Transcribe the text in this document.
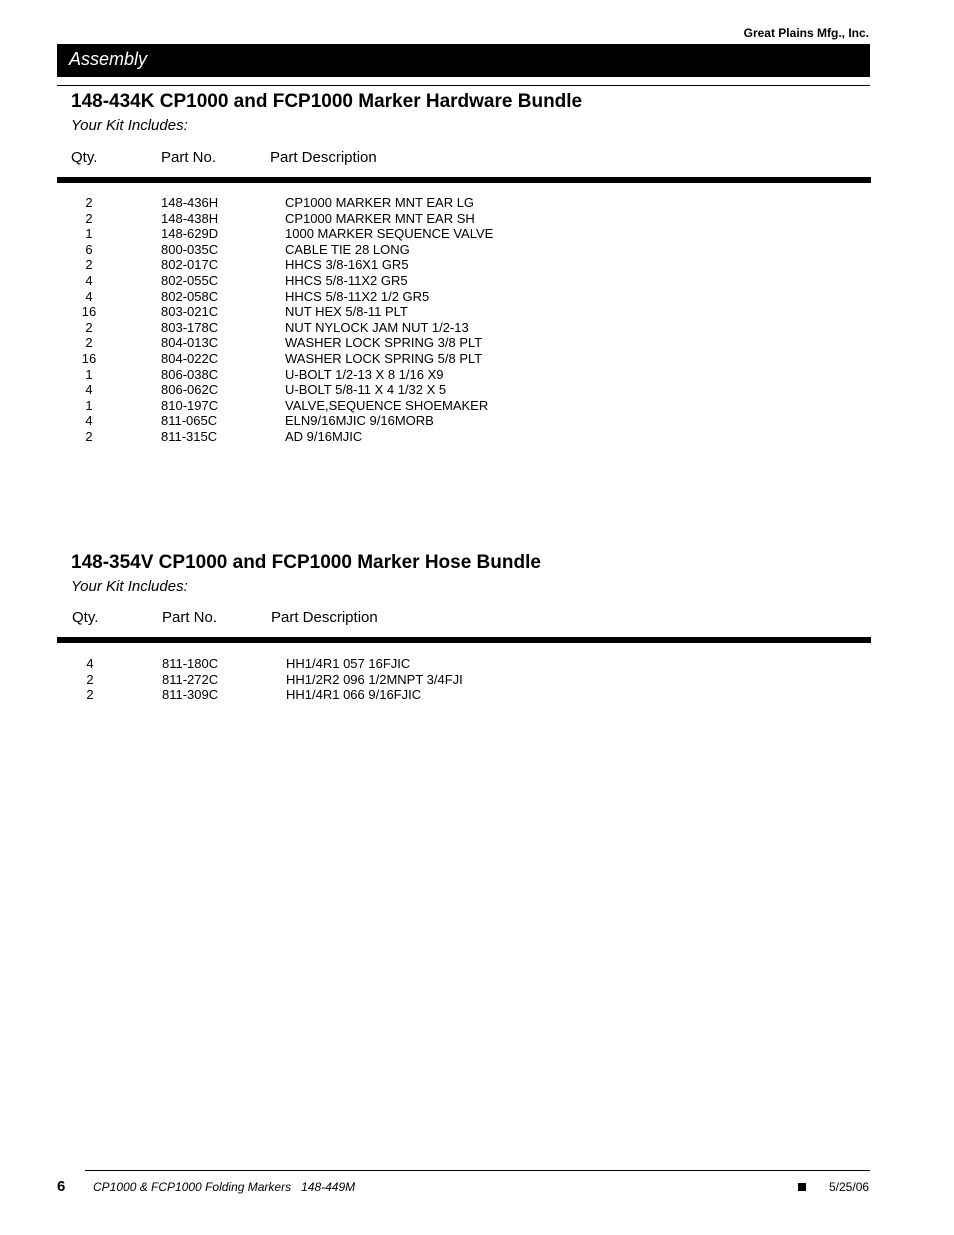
Great Plains Mfg., Inc.
Assembly
148-434K CP1000 and FCP1000 Marker Hardware Bundle
Your Kit Includes:
Qty.	Part No.	Part Description
2	148-436H	CP1000 MARKER MNT EAR LG
2	148-438H	CP1000 MARKER MNT EAR SH
1	148-629D	1000 MARKER SEQUENCE VALVE
6	800-035C	CABLE TIE 28 LONG
2	802-017C	HHCS 3/8-16X1 GR5
4	802-055C	HHCS 5/8-11X2 GR5
4	802-058C	HHCS 5/8-11X2 1/2 GR5
16	803-021C	NUT HEX 5/8-11 PLT
2	803-178C	NUT NYLOCK JAM NUT 1/2-13
2	804-013C	WASHER LOCK SPRING 3/8 PLT
16	804-022C	WASHER LOCK SPRING 5/8 PLT
1	806-038C	U-BOLT 1/2-13 X 8 1/16 X9
4	806-062C	U-BOLT 5/8-11 X 4 1/32 X 5
1	810-197C	VALVE,SEQUENCE SHOEMAKER
4	811-065C	ELN9/16MJIC 9/16MORB
2	811-315C	AD 9/16MJIC
148-354V CP1000 and FCP1000 Marker Hose Bundle
Your Kit Includes:
Qty.	Part No.	Part Description
4	811-180C	HH1/4R1 057 16FJIC
2	811-272C	HH1/2R2 096 1/2MNPT 3/4FJI
2	811-309C	HH1/4R1 066 9/16FJIC
6 CP1000 & FCP1000 Folding Markers   148-449M	5/25/06
